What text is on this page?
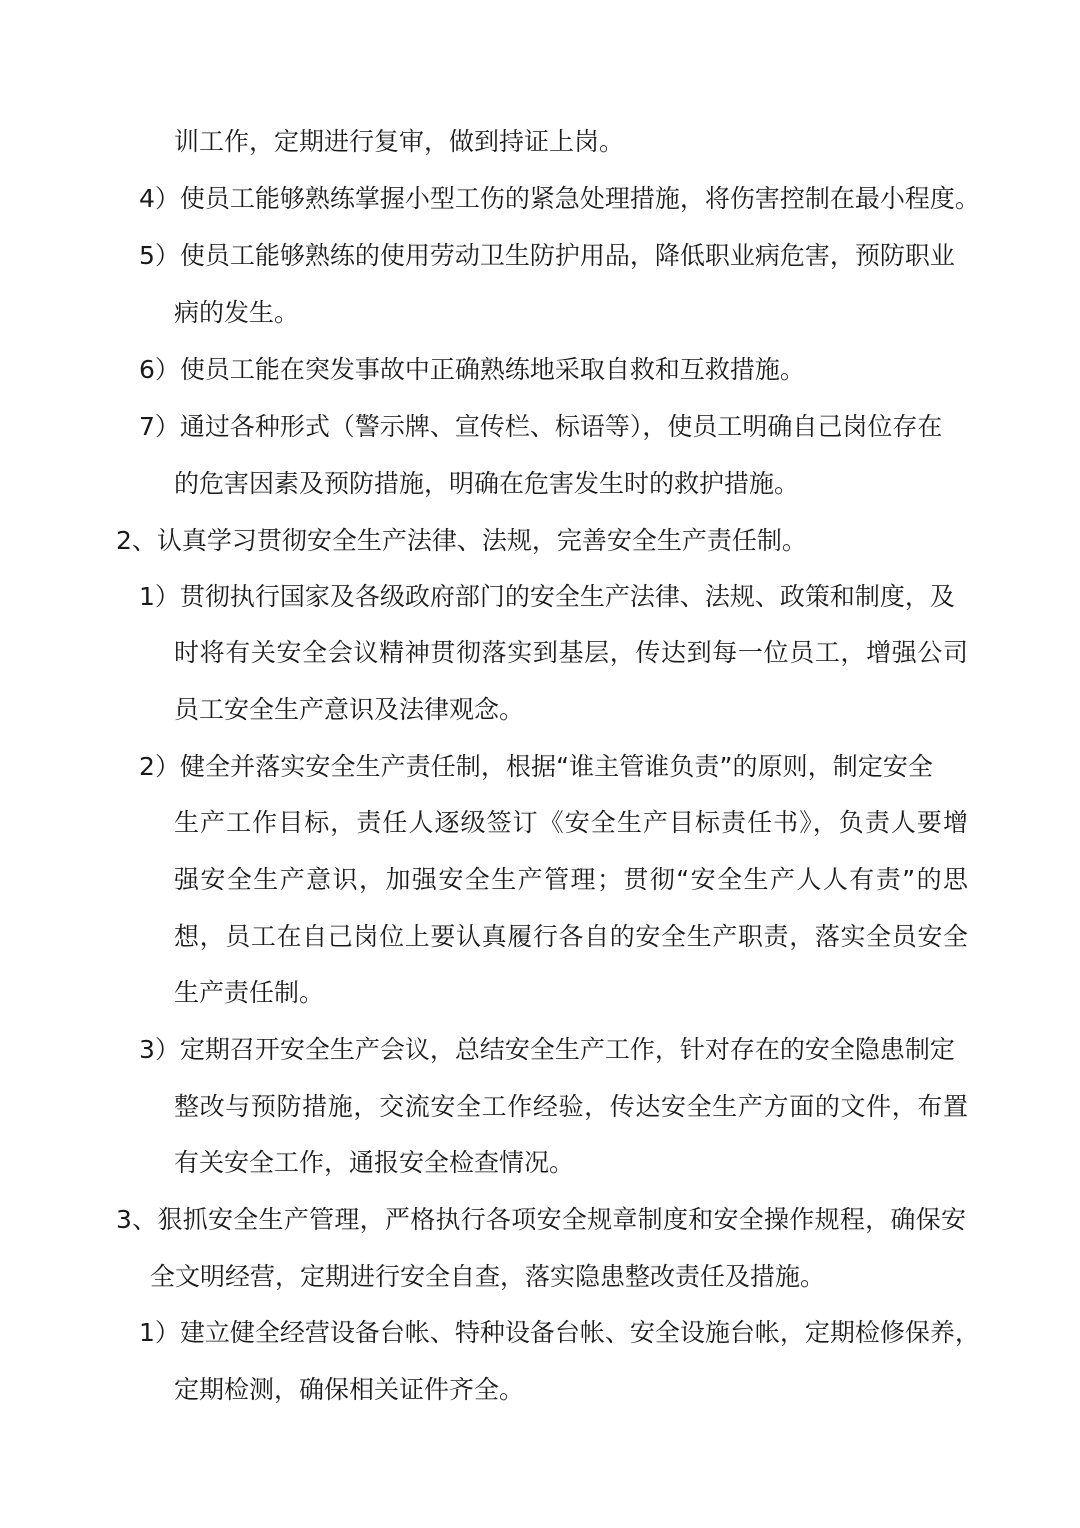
训工作，定期进行复审，做到持证上岗。
4）使员工能够熟练掌握小型工伤的紧急处理措施，将伤害控制在最小程度。
5）使员工能够熟练的使用劳动卫生防护用品，降低职业病危害，预防职业
病的发生。
6）使员工能在突发事故中正确熟练地采取自救和互救措施。
7）通过各种形式（警示牌、宣传栏、标语等），使员工明确自己岗位存在
的危害因素及预防措施，明确在危害发生时的救护措施。
2、认真学习贯彻安全生产法律、法规，完善安全生产责任制。
1）贯彻执行国家及各级政府部门的安全生产法律、法规、政策和制度，及
时将有关安全会议精神贯彻落实到基层，传达到每一位员工，增强公司
员工安全生产意识及法律观念。
2）健全并落实安全生产责任制，根据“谁主管谁负责”的原则，制定安全
生产工作目标，责任人逐级签订《安全生产目标责任书》，负责人要增
强安全生产意识，加强安全生产管理；贯彻“安全生产人人有责”的思
想，员工在自己岗位上要认真履行各自的安全生产职责，落实全员安全
生产责任制。
3）定期召开安全生产会议，总结安全生产工作，针对存在的安全隐患制定
整改与预防措施，交流安全工作经验，传达安全生产方面的文件，布置
有关安全工作，通报安全检查情况。
3、狠抓安全生产管理，严格执行各项安全规章制度和安全操作规程，确保安
全文明经营，定期进行安全自查，落实隐患整改责任及措施。
1）建立健全经营设备台帐、特种设备台帐、安全设施台帐，定期检修保养，
定期检测，确保相关证件齐全。
